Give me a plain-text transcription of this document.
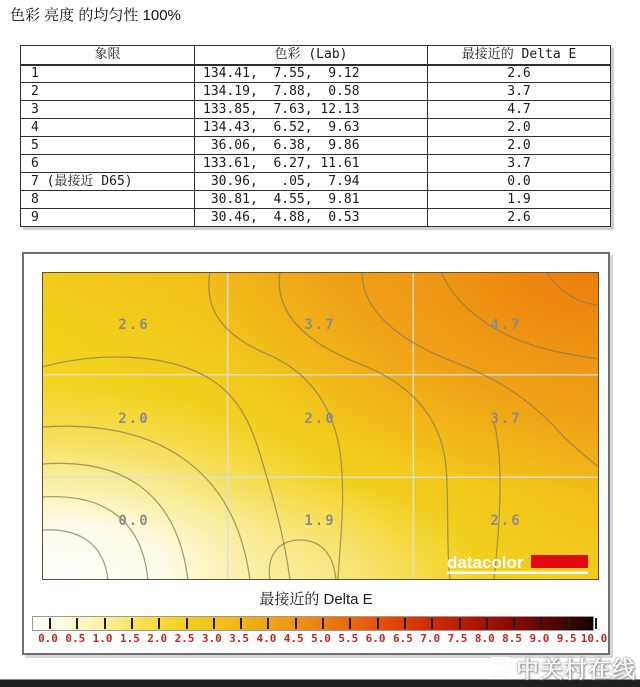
色彩 亮度 的均匀性 100%
象限	色彩 (Lab)	最接近的 Delta E
1	134.41,  7.55,  9.12	2.6
2	134.19,  7.88,  0.58	3.7
3	133.85,  7.63, 12.13	4.7
4	134.43,  6.52,  9.63	2.0
5	36.06,  6.38,  9.86	2.0
6	133.61,  6.27, 11.61	3.7
7 (最接近 D65)	30.96,   .05,  7.94	0.0
8	30.81,  4.55,  9.81	1.9
9	30.46,  4.88,  0.53	2.6
2.6	3.7	4.7
2.0	2.0	3.7
0.0	1.9	2.6
datacolor
最接近的 Delta E
0.0 0.5 1.0 1.5 2.0 2.5 3.0 3.5 4.0 4.5 5.0 5.5 6.0 6.5 7.0 7.5 8.0 8.5 9.0 9.5 10.0
中关村在线
